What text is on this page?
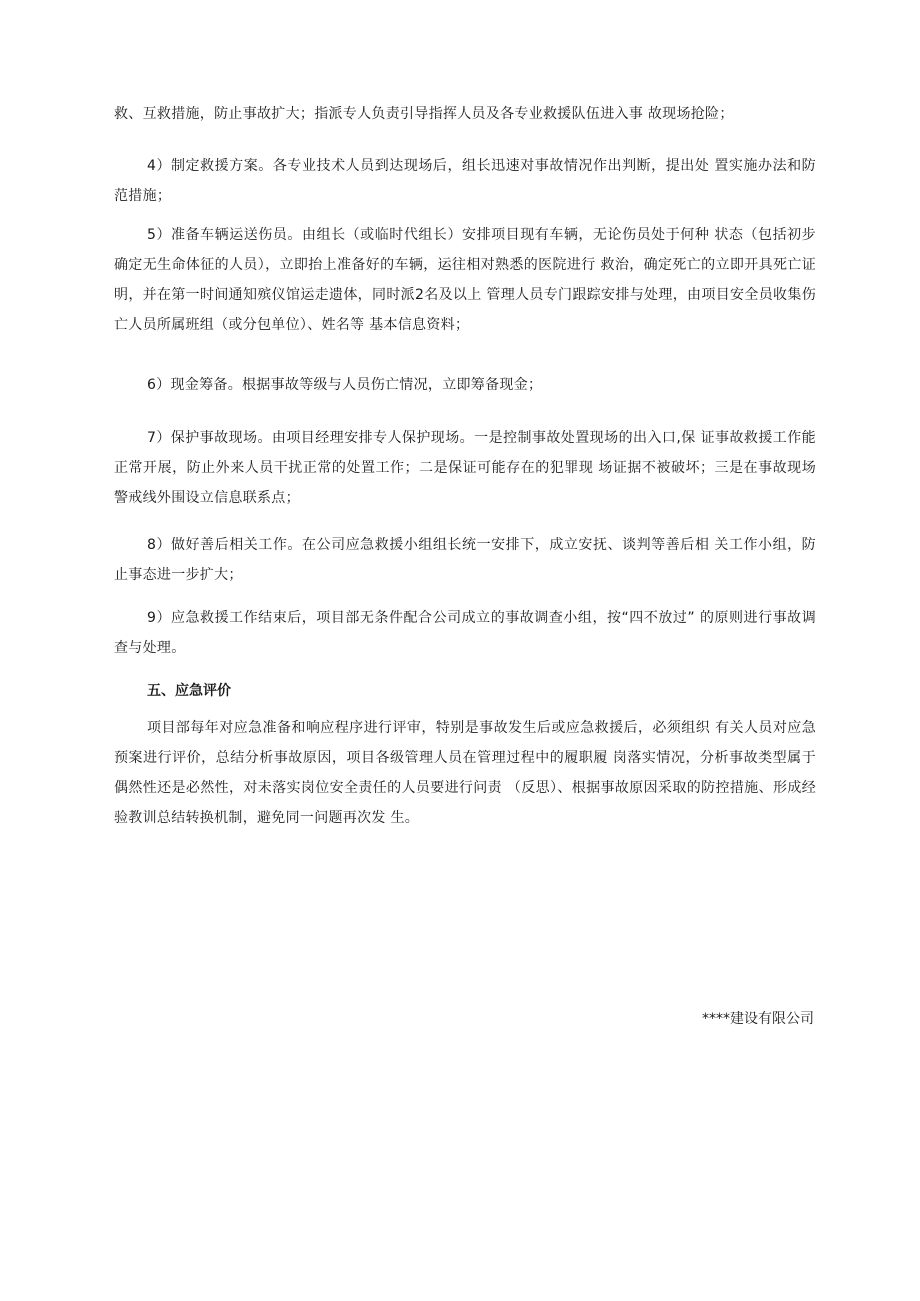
救、互救措施，防止事故扩大；指派专人负责引导指挥人员及各专业救援队伍进入事 故现场抢险；

4）制定救援方案。各专业技术人员到达现场后，组长迅速对事故情况作出判断，提出处 置实施办法和防范措施；

5）准备车辆运送伤员。由组长（或临时代组长）安排项目现有车辆，无论伤员处于何种 状态（包括初步确定无生命体征的人员），立即抬上准备好的车辆，运往相对熟悉的医院进行 救治，确定死亡的立即开具死亡证明，并在第一时间通知殡仪馆运走遗体，同时派2名及以上 管理人员专门跟踪安排与处理，由项目安全员收集伤亡人员所属班组（或分包单位）、姓名等 基本信息资料；

6）现金筹备。根据事故等级与人员伤亡情况，立即筹备现金；

7）保护事故现场。由项目经理安排专人保护现场。一是控制事故处置现场的出入口,保 证事故救援工作能正常开展，防止外来人员干扰正常的处置工作；二是保证可能存在的犯罪现 场证据不被破坏；三是在事故现场警戒线外围设立信息联系点；

8）做好善后相关工作。在公司应急救援小组组长统一安排下，成立安抚、谈判等善后相 关工作小组，防止事态进一步扩大；

9）应急救援工作结束后，项目部无条件配合公司成立的事故调查小组，按“四不放过” 的原则进行事故调查与处理。

五、应急评价

项目部每年对应急准备和响应程序进行评审，特别是事故发生后或应急救援后，必须组织 有关人员对应急预案进行评价，总结分析事故原因，项目各级管理人员在管理过程中的履职履 岗落实情况，分析事故类型属于偶然性还是必然性，对未落实岗位安全责任的人员要进行问责 （反思）、根据事故原因采取的防控措施、形成经验教训总结转换机制，避免同一问题再次发 生。

****建设有限公司
